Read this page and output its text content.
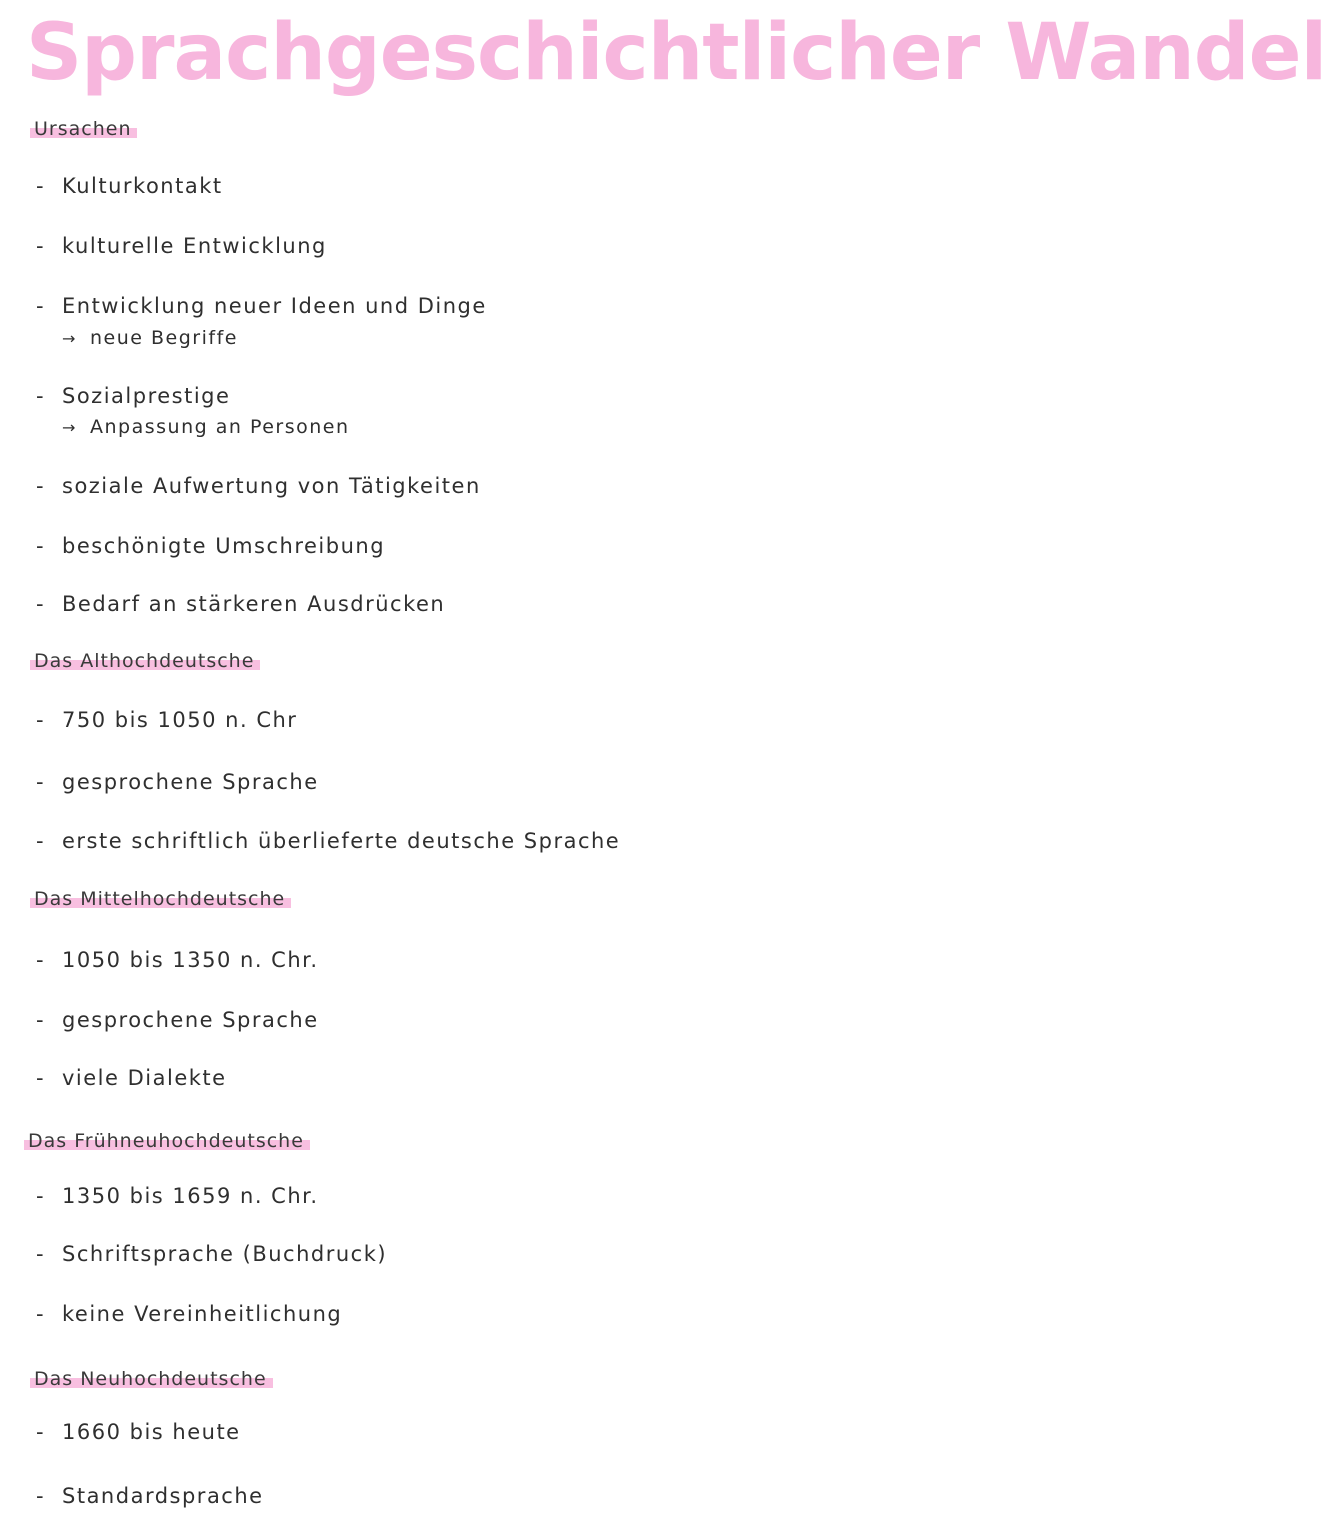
Sprachgeschichtlicher Wandel
Ursachen
- Kulturkontakt
- kulturelle Entwicklung
- Entwicklung neuer Ideen und Dinge
→ neue Begriffe
- Sozialprestige
→ Anpassung an Personen
- soziale Aufwertung von Tätigkeiten
- beschönigte Umschreibung
- Bedarf an stärkeren Ausdrücken
Das Althochdeutsche
- 750 bis 1050 n. Chr
- gesprochene Sprache
- erste schriftlich überlieferte deutsche Sprache
Das Mittelhochdeutsche
- 1050 bis 1350 n. Chr.
- gesprochene Sprache
- viele Dialekte
Das Frühneuhochdeutsche
- 1350 bis 1659 n. Chr.
- Schriftsprache (Buchdruck)
- keine Vereinheitlichung
Das Neuhochdeutsche
- 1660 bis heute
- Standardsprache
